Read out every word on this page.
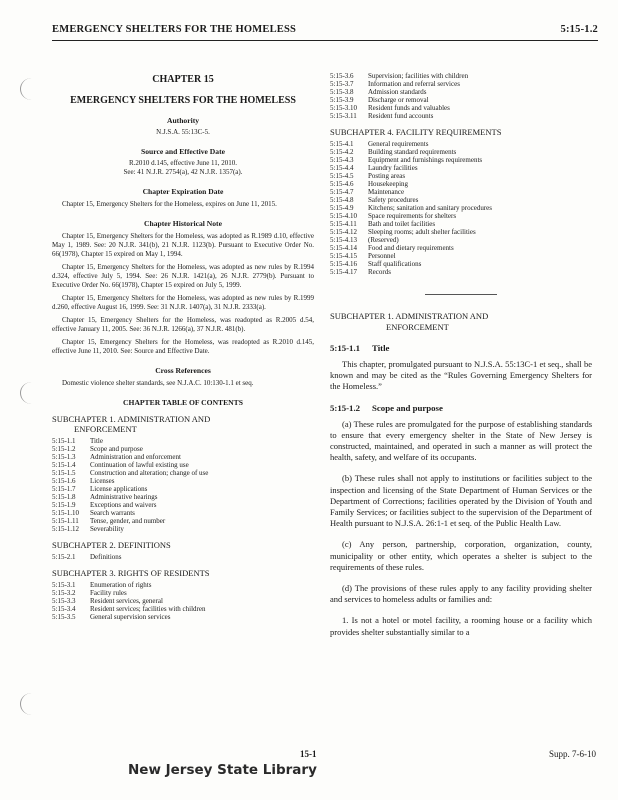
EMERGENCY SHELTERS FOR THE HOMELESS	5:15-1.2
CHAPTER 15
EMERGENCY SHELTERS FOR THE HOMELESS
Authority
N.J.S.A. 55:13C-5.
Source and Effective Date
R.2010 d.145, effective June 11, 2010.
See: 41 N.J.R. 2754(a), 42 N.J.R. 1357(a).
Chapter Expiration Date
Chapter 15, Emergency Shelters for the Homeless, expires on June 11, 2015.
Chapter Historical Note
Chapter 15, Emergency Shelters for the Homeless, was adopted as R.1989 d.10, effective May 1, 1989. See: 20 N.J.R. 341(b), 21 N.J.R. 1123(b). Pursuant to Executive Order No. 66(1978), Chapter 15 expired on May 1, 1994.
Chapter 15, Emergency Shelters for the Homeless, was adopted as new rules by R.1994 d.324, effective July 5, 1994. See: 26 N.J.R. 1421(a), 26 N.J.R. 2779(b). Pursuant to Executive Order No. 66(1978), Chapter 15 expired on July 5, 1999.
Chapter 15, Emergency Shelters for the Homeless, was adopted as new rules by R.1999 d.260, effective August 16, 1999. See: 31 N.J.R. 1407(a), 31 N.J.R. 2333(a).
Chapter 15, Emergency Shelters for the Homeless, was readopted as R.2005 d.54, effective January 11, 2005. See: 36 N.J.R. 1266(a), 37 N.J.R. 481(b).
Chapter 15, Emergency Shelters for the Homeless, was readopted as R.2010 d.145, effective June 11, 2010. See: Source and Effective Date.
Cross References
Domestic violence shelter standards, see N.J.A.C. 10:130-1.1 et seq.
CHAPTER TABLE OF CONTENTS
SUBCHAPTER 1. ADMINISTRATION AND
ENFORCEMENT
5:15-1.1 Title
5:15-1.2 Scope and purpose
5:15-1.3 Administration and enforcement
5:15-1.4 Continuation of lawful existing use
5:15-1.5 Construction and alteration; change of use
5:15-1.6 Licenses
5:15-1.7 License applications
5:15-1.8 Administrative hearings
5:15-1.9 Exceptions and waivers
5:15-1.10 Search warrants
5:15-1.11 Tense, gender, and number
5:15-1.12 Severability
SUBCHAPTER 2. DEFINITIONS
5:15-2.1 Definitions
SUBCHAPTER 3. RIGHTS OF RESIDENTS
5:15-3.1 Enumeration of rights
5:15-3.2 Facility rules
5:15-3.3 Resident services, general
5:15-3.4 Resident services; facilities with children
5:15-3.5 General supervision services
5:15-3.6 Supervision; facilities with children
5:15-3.7 Information and referral services
5:15-3.8 Admission standards
5:15-3.9 Discharge or removal
5:15-3.10 Resident funds and valuables
5:15-3.11 Resident fund accounts
SUBCHAPTER 4. FACILITY REQUIREMENTS
5:15-4.1 General requirements
5:15-4.2 Building standard requirements
5:15-4.3 Equipment and furnishings requirements
5:15-4.4 Laundry facilities
5:15-4.5 Posting areas
5:15-4.6 Housekeeping
5:15-4.7 Maintenance
5:15-4.8 Safety procedures
5:15-4.9 Kitchens; sanitation and sanitary procedures
5:15-4.10 Space requirements for shelters
5:15-4.11 Bath and toilet facilities
5:15-4.12 Sleeping rooms; adult shelter facilities
5:15-4.13 (Reserved)
5:15-4.14 Food and dietary requirements
5:15-4.15 Personnel
5:15-4.16 Staff qualifications
5:15-4.17 Records
SUBCHAPTER 1. ADMINISTRATION AND
ENFORCEMENT
5:15-1.1 Title
This chapter, promulgated pursuant to N.J.S.A. 55:13C-1 et seq., shall be known and may be cited as the “Rules Governing Emergency Shelters for the Homeless.”
5:15-1.2 Scope and purpose
(a) These rules are promulgated for the purpose of establishing standards to ensure that every emergency shelter in the State of New Jersey is constructed, maintained, and operated in such a manner as will protect the health, safety, and welfare of its occupants.
(b) These rules shall not apply to institutions or facilities subject to the inspection and licensing of the State Department of Human Services or the Department of Corrections; facilities operated by the Division of Youth and Family Services; or facilities subject to the supervision of the Department of Health pursuant to N.J.S.A. 26:1-1 et seq. of the Public Health Law.
(c) Any person, partnership, corporation, organization, county, municipality or other entity, which operates a shelter is subject to the requirements of these rules.
(d) The provisions of these rules apply to any facility providing shelter and services to homeless adults or families and:
1. Is not a hotel or motel facility, a rooming house or a facility which provides shelter substantially similar to a
15-1	Supp. 7-6-10
New Jersey State Library
